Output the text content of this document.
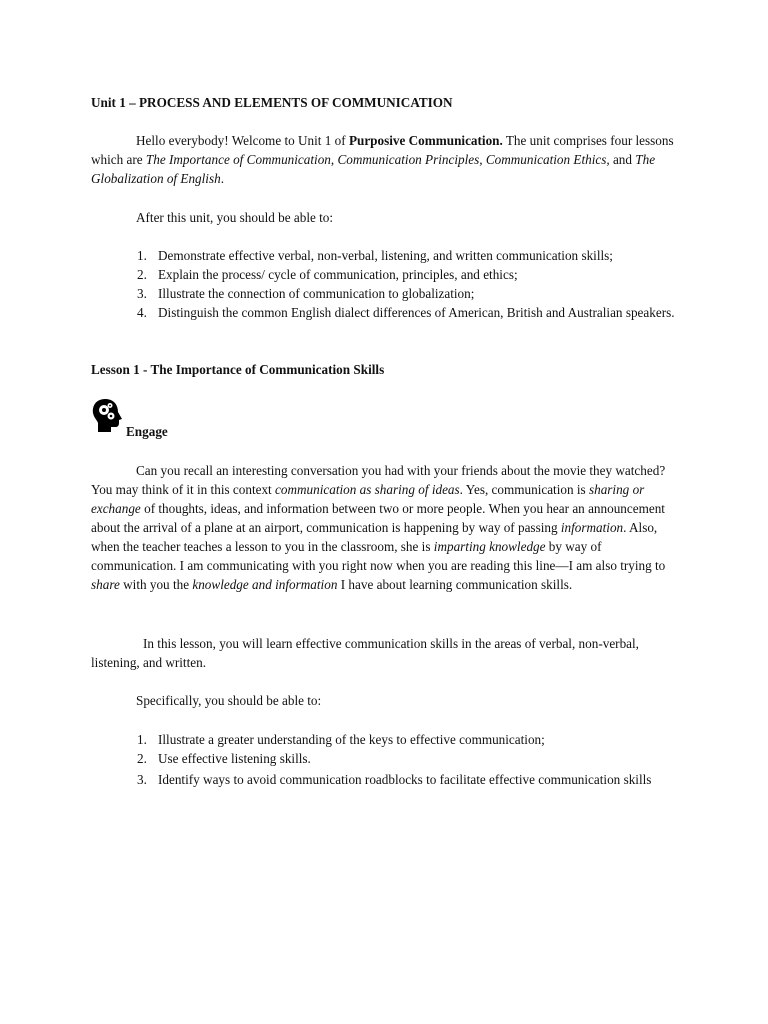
Unit 1 – PROCESS AND ELEMENTS OF COMMUNICATION
Hello everybody! Welcome to Unit 1 of Purposive Communication. The unit comprises four lessons which are The Importance of Communication, Communication Principles, Communication Ethics, and The Globalization of English.
After this unit, you should be able to:
1. Demonstrate effective verbal, non-verbal, listening, and written communication skills;
2. Explain the process/ cycle of communication, principles, and ethics;
3. Illustrate the connection of communication to globalization;
4. Distinguish the common English dialect differences of American, British and Australian speakers.
Lesson 1 - The Importance of Communication Skills
Engage
Can you recall an interesting conversation you had with your friends about the movie they watched? You may think of it in this context communication as sharing of ideas. Yes, communication is sharing or exchange of thoughts, ideas, and information between two or more people. When you hear an announcement about the arrival of a plane at an airport, communication is happening by way of passing information. Also, when the teacher teaches a lesson to you in the classroom, she is imparting knowledge by way of communication. I am communicating with you right now when you are reading this line—I am also trying to share with you the knowledge and information I have about learning communication skills.
In this lesson, you will learn effective communication skills in the areas of verbal, non-verbal, listening, and written.
Specifically, you should be able to:
1. Illustrate a greater understanding of the keys to effective communication;
2. Use effective listening skills.
3. Identify ways to avoid communication roadblocks to facilitate effective communication skills
